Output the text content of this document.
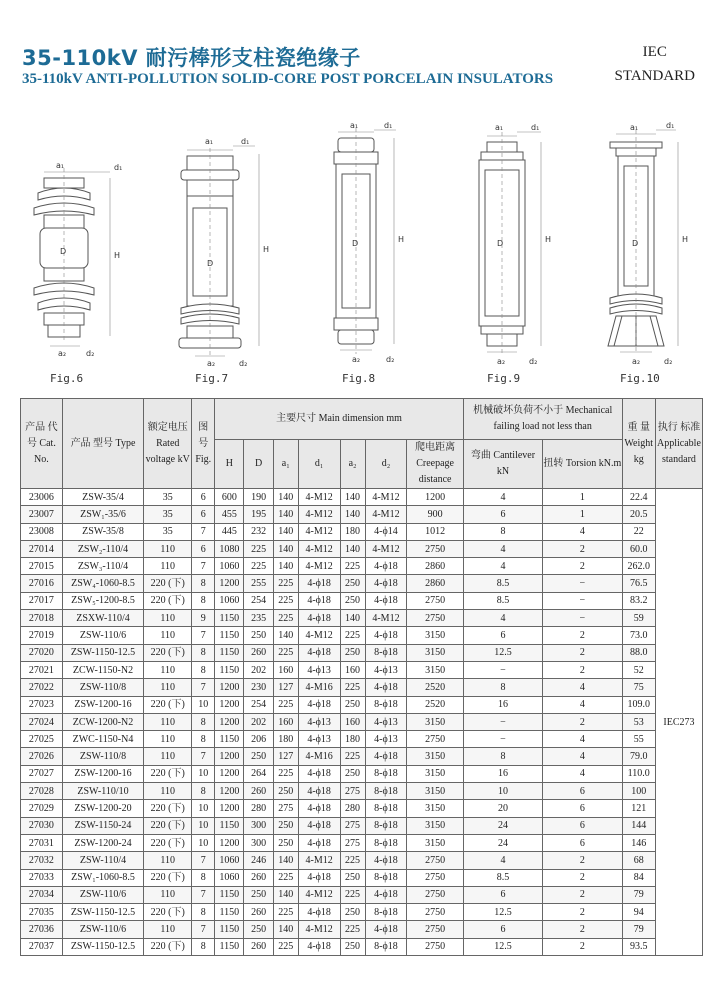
35-110kV 耐污棒形支柱瓷绝缘子
35-110kV ANTI-POLLUTION SOLID-CORE POST PORCELAIN INSULATORS
IEC
STANDARD
a₁	d₁
D	H
a₂ d₂
Fig.6
a₁	d₁
D
H
a₂	d₂
Fig.7
a₁	d₁
D	H
a₂	d₂
Fig.8
a₁	d₁
D	H
a₂	d₂
Fig.9
a₁	d₁
D	H
a₂	d₂
Fig.10
产品 代号 Cat. No.	产品 型号 Type	额定电压 Rated voltage kV	图 号 Fig.	主要尺寸 Main dimension mm							机械破坏负荷不小于 Mechanical failing load not less than		重 量 Weight kg	执行 标准 Applicable standard
				H	D	a₁	d₁	a₂	d₂	爬电距离 Creepage distance	弯曲 Cantilever kN	扭转 Torsion kN.m		
23006	ZSW-35/4	35	6	600	190	140	4-M12	140	4-M12	1200	4	1	22.4	IEC273
23007	ZSW₁-35/6	35	6	455	195	140	4-M12	140	4-M12	900	6	1	20.5	
23008	ZSW-35/8	35	7	445	232	140	4-M12	180	4-ϕ14	1012	8	4	22	
27014	ZSW₂-110/4	110	6	1080	225	140	4-M12	140	4-M12	2750	4	2	60.0	
27015	ZSW₃-110/4	110	7	1060	225	140	4-M12	225	4-ϕ18	2860	4	2	262.0	
27016	ZSW₄-1060-8.5	220 (下)	8	1200	255	225	4-ϕ18	250	4-ϕ18	2860	8.5	−	76.5	
27017	ZSW₅-1200-8.5	220 (下)	8	1060	254	225	4-ϕ18	250	4-ϕ18	2750	8.5	−	83.2	
27018	ZSXW-110/4	110	9	1150	235	225	4-ϕ18	140	4-M12	2750	4	−	59	
27019	ZSW-110/6	110	7	1150	250	140	4-M12	225	4-ϕ18	3150	6	2	73.0	
27020	ZSW-1150-12.5	220 (下)	8	1150	260	225	4-ϕ18	250	8-ϕ18	3150	12.5	2	88.0	
27021	ZCW-1150-N2	110	8	1150	202	160	4-ϕ13	160	4-ϕ13	3150	−	2	52	
27022	ZSW-110/8	110	7	1200	230	127	4-M16	225	4-ϕ18	2520	8	4	75	
27023	ZSW-1200-16	220 (下)	10	1200	254	225	4-ϕ18	250	8-ϕ18	2520	16	4	109.0	
27024	ZCW-1200-N2	110	8	1200	202	160	4-ϕ13	160	4-ϕ13	3150	−	2	53	
27025	ZWC-1150-N4	110	8	1150	206	180	4-ϕ13	180	4-ϕ13	2750	−	4	55	
27026	ZSW-110/8	110	7	1200	250	127	4-M16	225	4-ϕ18	3150	8	4	79.0	
27027	ZSW-1200-16	220 (下)	10	1200	264	225	4-ϕ18	250	8-ϕ18	3150	16	4	110.0	
27028	ZSW-110/10	110	8	1200	260	250	4-ϕ18	275	8-ϕ18	3150	10	6	100	
27029	ZSW-1200-20	220 (下)	10	1200	280	275	4-ϕ18	280	8-ϕ18	3150	20	6	121	
27030	ZSW-1150-24	220 (下)	10	1150	300	250	4-ϕ18	275	8-ϕ18	3150	24	6	144	
27031	ZSW-1200-24	220 (下)	10	1200	300	250	4-ϕ18	275	8-ϕ18	3150	24	6	146	
27032	ZSW-110/4	110	7	1060	246	140	4-M12	225	4-ϕ18	2750	4	2	68	
27033	ZSW₁-1060-8.5	220 (下)	8	1060	260	225	4-ϕ18	250	8-ϕ18	2750	8.5	2	84	
27034	ZSW-110/6	110	7	1150	250	140	4-M12	225	4-ϕ18	2750	6	2	79	
27035	ZSW-1150-12.5	220 (下)	8	1150	260	225	4-ϕ18	250	8-ϕ18	2750	12.5	2	94	
27036	ZSW-110/6	110	7	1150	250	140	4-M12	225	4-ϕ18	2750	6	2	79	
27037	ZSW-1150-12.5	220 (下)	8	1150	260	225	4-ϕ18	250	8-ϕ18	2750	12.5	2	93.5	
